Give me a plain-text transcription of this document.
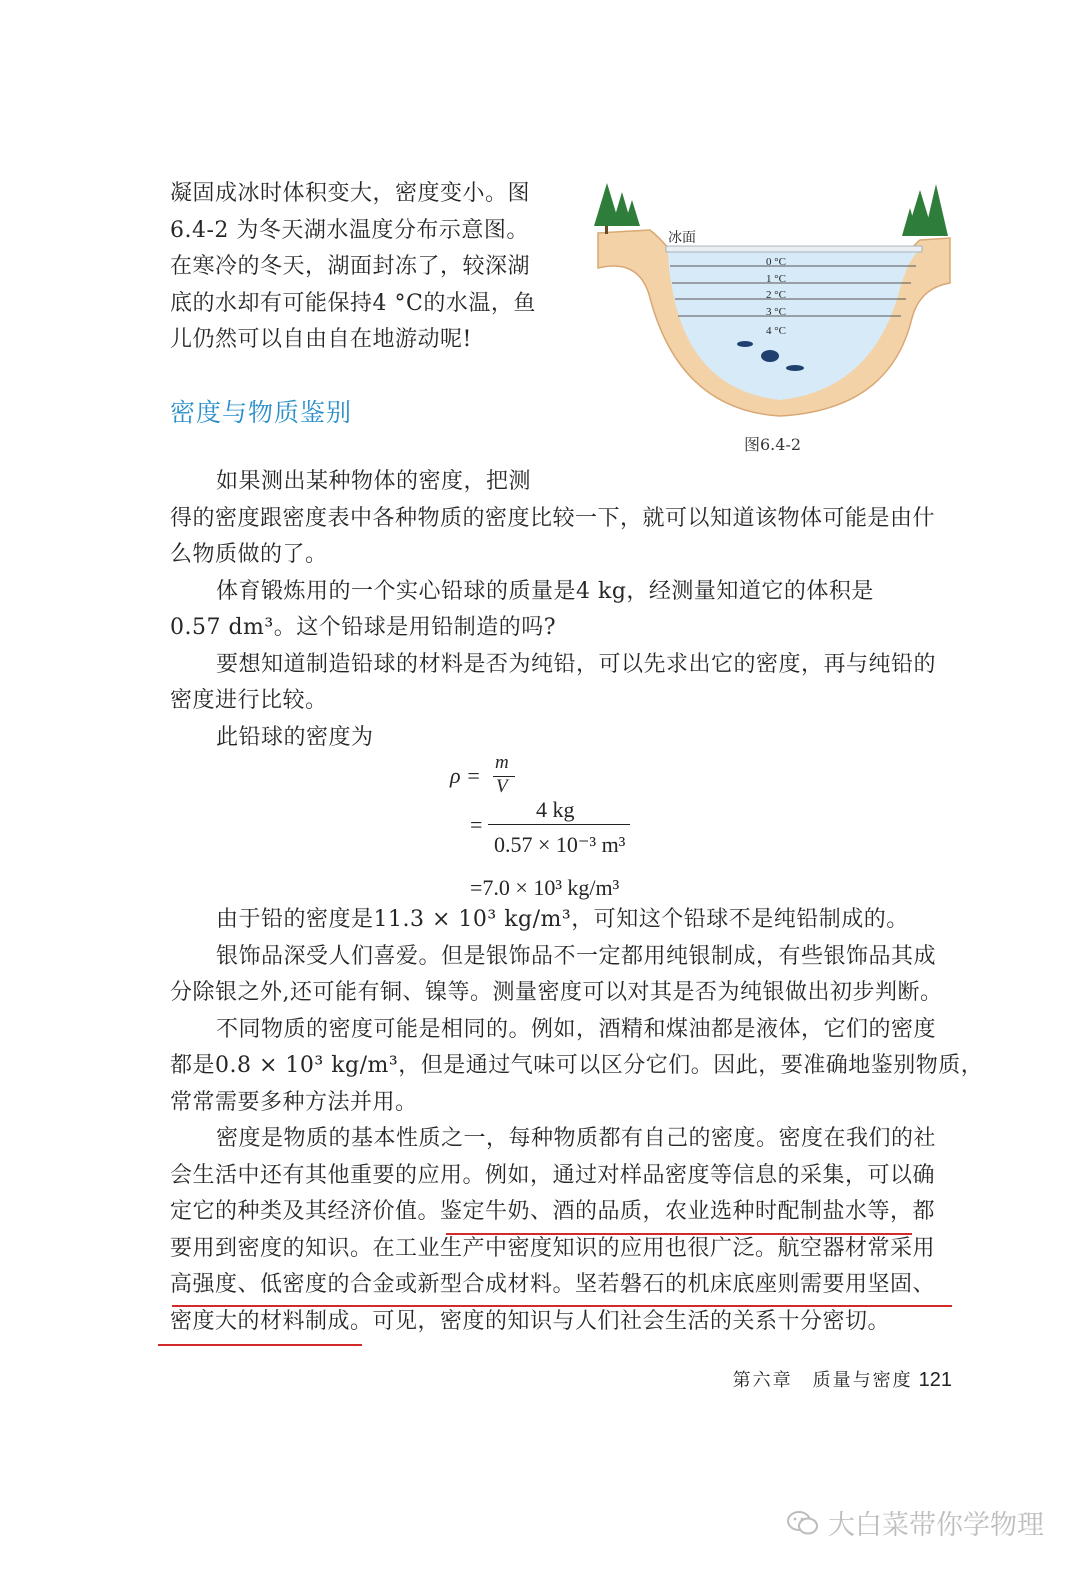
凝固成冰时体积变大，密度变小。图
6.4-2 为冬天湖水温度分布示意图。
在寒冷的冬天，湖面封冻了，较深湖
底的水却有可能保持4 °C的水温，鱼
儿仍然可以自由自在地游动呢!
冰面
0 °C
1 °C
2 °C
3 °C
4 °C
图6.4-2
密度与物质鉴别
如果测出某种物体的密度，把测
得的密度跟密度表中各种物质的密度比较一下，就可以知道该物体可能是由什
么物质做的了。
体育锻炼用的一个实心铅球的质量是4 kg，经测量知道它的体积是
0.57 dm³。这个铅球是用铅制造的吗?
要想知道制造铅球的材料是否为纯铅，可以先求出它的密度，再与纯铅的
密度进行比较。
此铅球的密度为
由于铅的密度是11.3 × 10³ kg/m³，可知这个铅球不是纯铅制成的。
银饰品深受人们喜爱。但是银饰品不一定都用纯银制成，有些银饰品其成
分除银之外,还可能有铜、镍等。测量密度可以对其是否为纯银做出初步判断。
不同物质的密度可能是相同的。例如，酒精和煤油都是液体，它们的密度
都是0.8 × 10³ kg/m³，但是通过气味可以区分它们。因此，要准确地鉴别物质，
常常需要多种方法并用。
密度是物质的基本性质之一，每种物质都有自己的密度。密度在我们的社
会生活中还有其他重要的应用。例如，通过对样品密度等信息的采集，可以确
定它的种类及其经济价值。鉴定牛奶、酒的品质，农业选种时配制盐水等，都
要用到密度的知识。在工业生产中密度知识的应用也很广泛。航空器材常采用
高强度、低密度的合金或新型合成材料。坚若磐石的机床底座则需要用坚固、
密度大的材料制成。可见，密度的知识与人们社会生活的关系十分密切。
ρ =
m
V
=
4 kg
0.57 × 10⁻³ m³
=7.0 × 10³ kg/m³
第六章　质量与密度 121
大白菜带你学物理
